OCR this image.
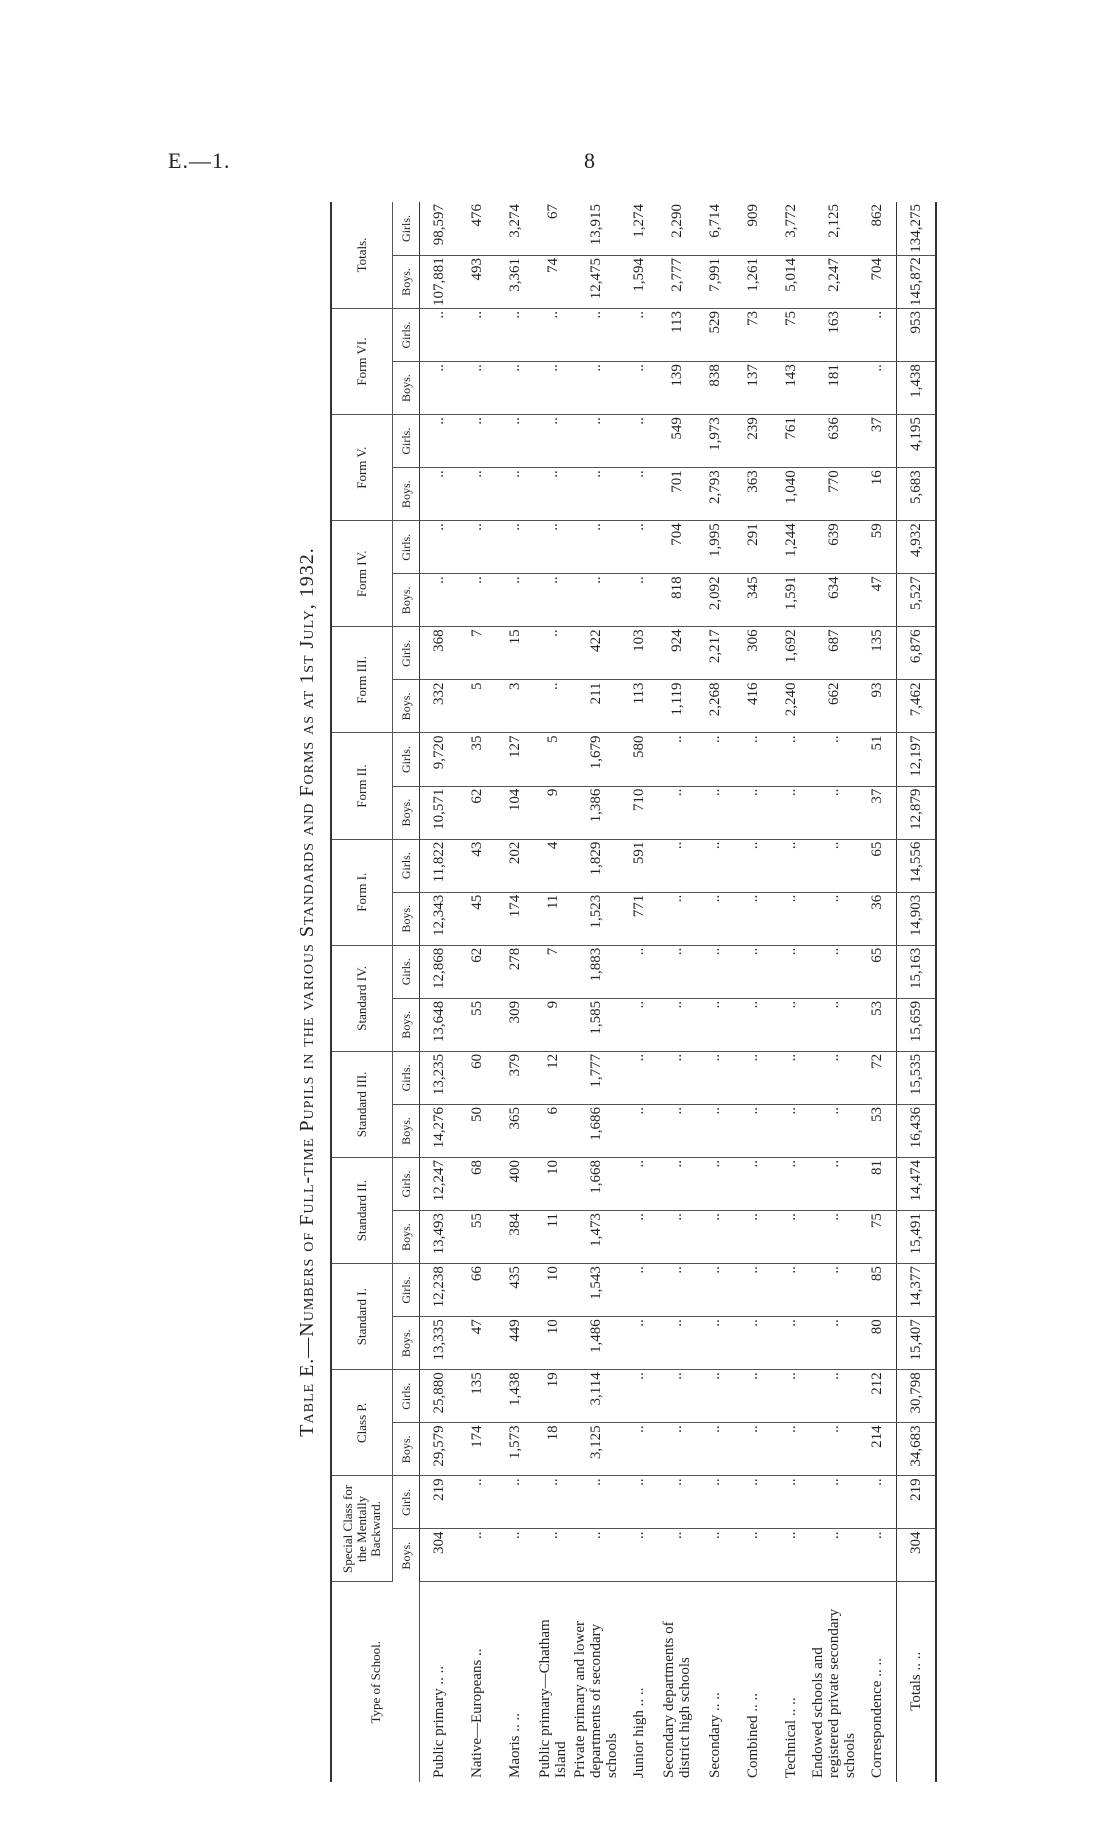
E.—1.	8
Table E.—Numbers of Full-time Pupils in the various Standards and Forms as at 1st July, 1932.
Type of School.	Special Class for the Mentally Backward.		Class P.		Standard I.		Standard II.		Standard III.		Standard IV.		Form I.		Form II.		Form III.		Form IV.		Form V.		Form VI.		Totals.	
	Boys.	Girls.	Boys.	Girls.	Boys.	Girls.	Boys.	Girls.	Boys.	Girls.	Boys.	Girls.	Boys.	Girls.	Boys.	Girls.	Boys.	Girls.	Boys.	Girls.	Boys.	Girls.	Boys.	Girls.	Boys.	Girls.
Public primary .. ..	304	219	29,579	25,880	13,335	12,238	13,493	12,247	14,276	13,235	13,648	12,868	12,343	11,822	10,571	9,720	332	368	..	..	..	..	..	..	107,881	98,597
Native—Europeans ..	..	..	174	135	47	66	55	68	50	60	55	62	45	43	62	35	5	7	..	..	..	..	..	..	493	476
Maoris .. ..	..	..	1,573	1,438	449	435	384	400	365	379	309	278	174	202	104	127	3	15	..	..	..	..	..	..	3,361	3,274
Public primary—Chatham Island	..	..	18	19	10	10	11	10	6	12	9	7	11	4	9	5	..	..	..	..	..	..	..	..	74	67
Private primary and lower departments of secondary schools	..	..	3,125	3,114	1,486	1,543	1,473	1,668	1,686	1,777	1,585	1,883	1,523	1,829	1,386	1,679	211	422	..	..	..	..	..	..	12,475	13,915
Junior high .. ..	..	..	..	..	..	..	..	..	..	..	..	..	771	591	710	580	113	103	..	..	..	..	..	..	1,594	1,274
Secondary departments of district high schools	..	..	..	..	..	..	..	..	..	..	..	..	..	..	..	..	1,119	924	818	704	701	549	139	113	2,777	2,290
Secondary .. ..	..	..	..	..	..	..	..	..	..	..	..	..	..	..	..	..	2,268	2,217	2,092	1,995	2,793	1,973	838	529	7,991	6,714
Combined .. ..	..	..	..	..	..	..	..	..	..	..	..	..	..	..	..	..	416	306	345	291	363	239	137	73	1,261	909
Technical .. ..	..	..	..	..	..	..	..	..	..	..	..	..	..	..	..	..	2,240	1,692	1,591	1,244	1,040	761	143	75	5,014	3,772
Endowed schools and registered private secondary schools	..	..	..	..	..	..	..	..	..	..	..	..	..	..	..	..	662	687	634	639	770	636	181	163	2,247	2,125
Correspondence .. ..	..	..	214	212	80	85	75	81	53	72	53	65	36	65	37	51	93	135	47	59	16	37	..	..	704	862
Totals .. ..	304	219	34,683	30,798	15,407	14,377	15,491	14,474	16,436	15,535	15,659	15,163	14,903	14,556	12,879	12,197	7,462	6,876	5,527	4,932	5,683	4,195	1,438	953	145,872	134,275
